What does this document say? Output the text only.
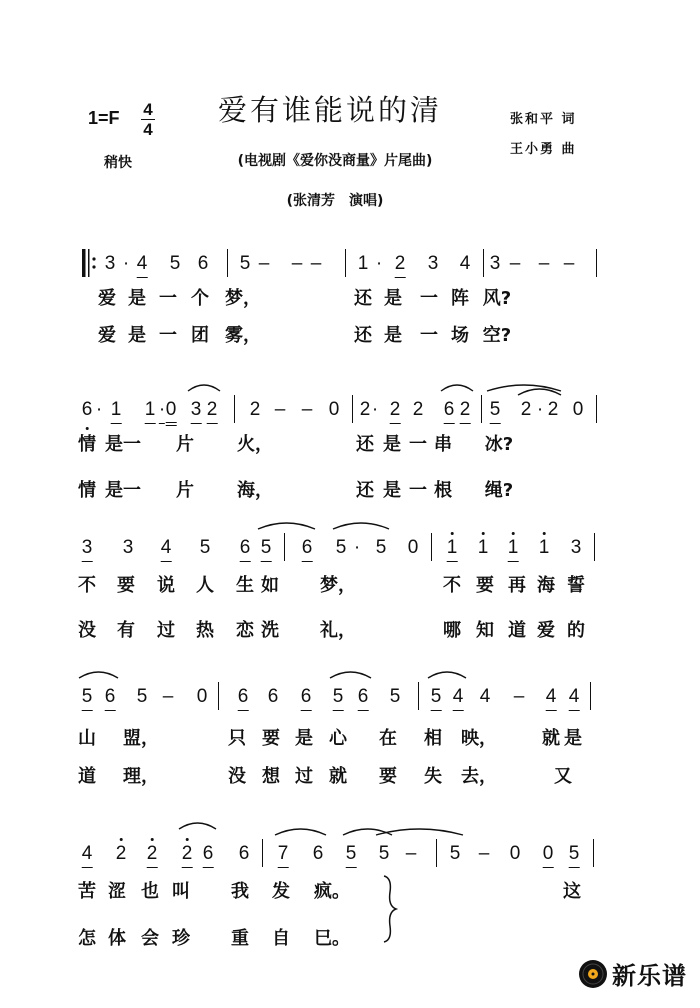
1=F 4
4
爱有谁能说的清
稍快	(电视剧《爱你没商量》片尾曲)
(张清芳　演唱)
张和平 词
王小勇 曲
3 · 4 5 6 5 – – – 1 · 2 3 4 3 – – –
爱 是 一 个 梦，	还 是 一 阵 风?
爱 是 一 团 雾，	还 是 一 场 空?
6 · 1 1 · 0 3 2 2 – – 0 2 · 2 2 6 2 5 2 · 2 0
情 是 一 片 火，	还 是 一 串 冰?
情 是 一 片 海，	还 是 一 根 绳?
3 3 4 5 6 5 6 5 · 5 0 1 1 1 1 3
不 要 说 人 生 如 梦，	不 要 再 海 誓
没 有 过 热 恋 洗 礼，	哪 知 道 爱 的
5 6 5 – 0 6 6 6 5 6 5 5 4 4 – 4 4
山 盟，	只 要 是 心 在 相 映，	就 是
道 理，	没 想 过 就 要 失 去，	又
4 2 2 2 6 6 7 6 5 5 – 5 – 0 0 5
苦 涩 也 叫 我 发 疯。	这
怎 体 会 珍 重 自 巳。
新乐谱
